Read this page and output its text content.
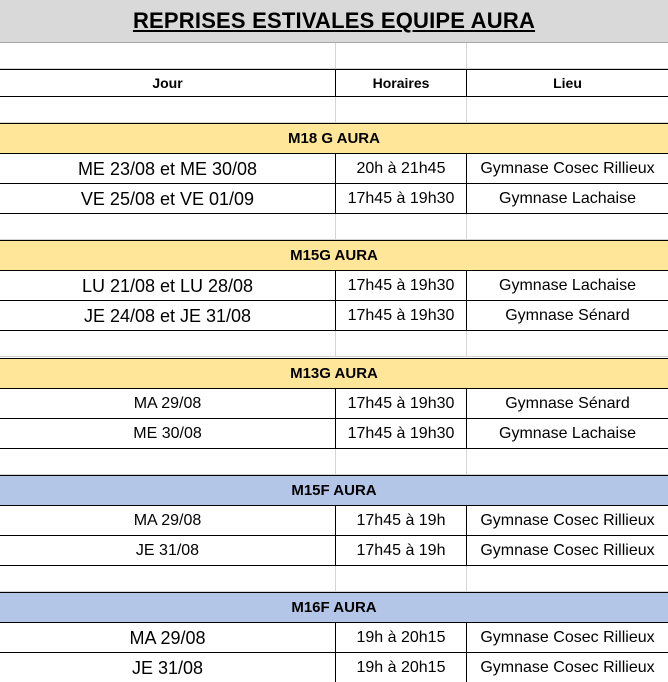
REPRISES ESTIVALES EQUIPE AURA
Jour	Horaires	Lieu
M18 G AURA
ME 23/08 et ME 30/08	20h à 21h45	Gymnase Cosec Rillieux
VE 25/08 et VE 01/09	17h45 à 19h30	Gymnase Lachaise
M15G AURA
LU 21/08 et LU 28/08	17h45 à 19h30	Gymnase Lachaise
JE 24/08 et JE 31/08	17h45 à 19h30	Gymnase Sénard
M13G AURA
MA 29/08	17h45 à 19h30	Gymnase Sénard
ME 30/08	17h45 à 19h30	Gymnase Lachaise
M15F AURA
MA 29/08	17h45 à 19h	Gymnase Cosec Rillieux
JE 31/08	17h45 à 19h	Gymnase Cosec Rillieux
M16F AURA
MA 29/08	19h à 20h15	Gymnase Cosec Rillieux
JE 31/08	19h à 20h15	Gymnase Cosec Rillieux
